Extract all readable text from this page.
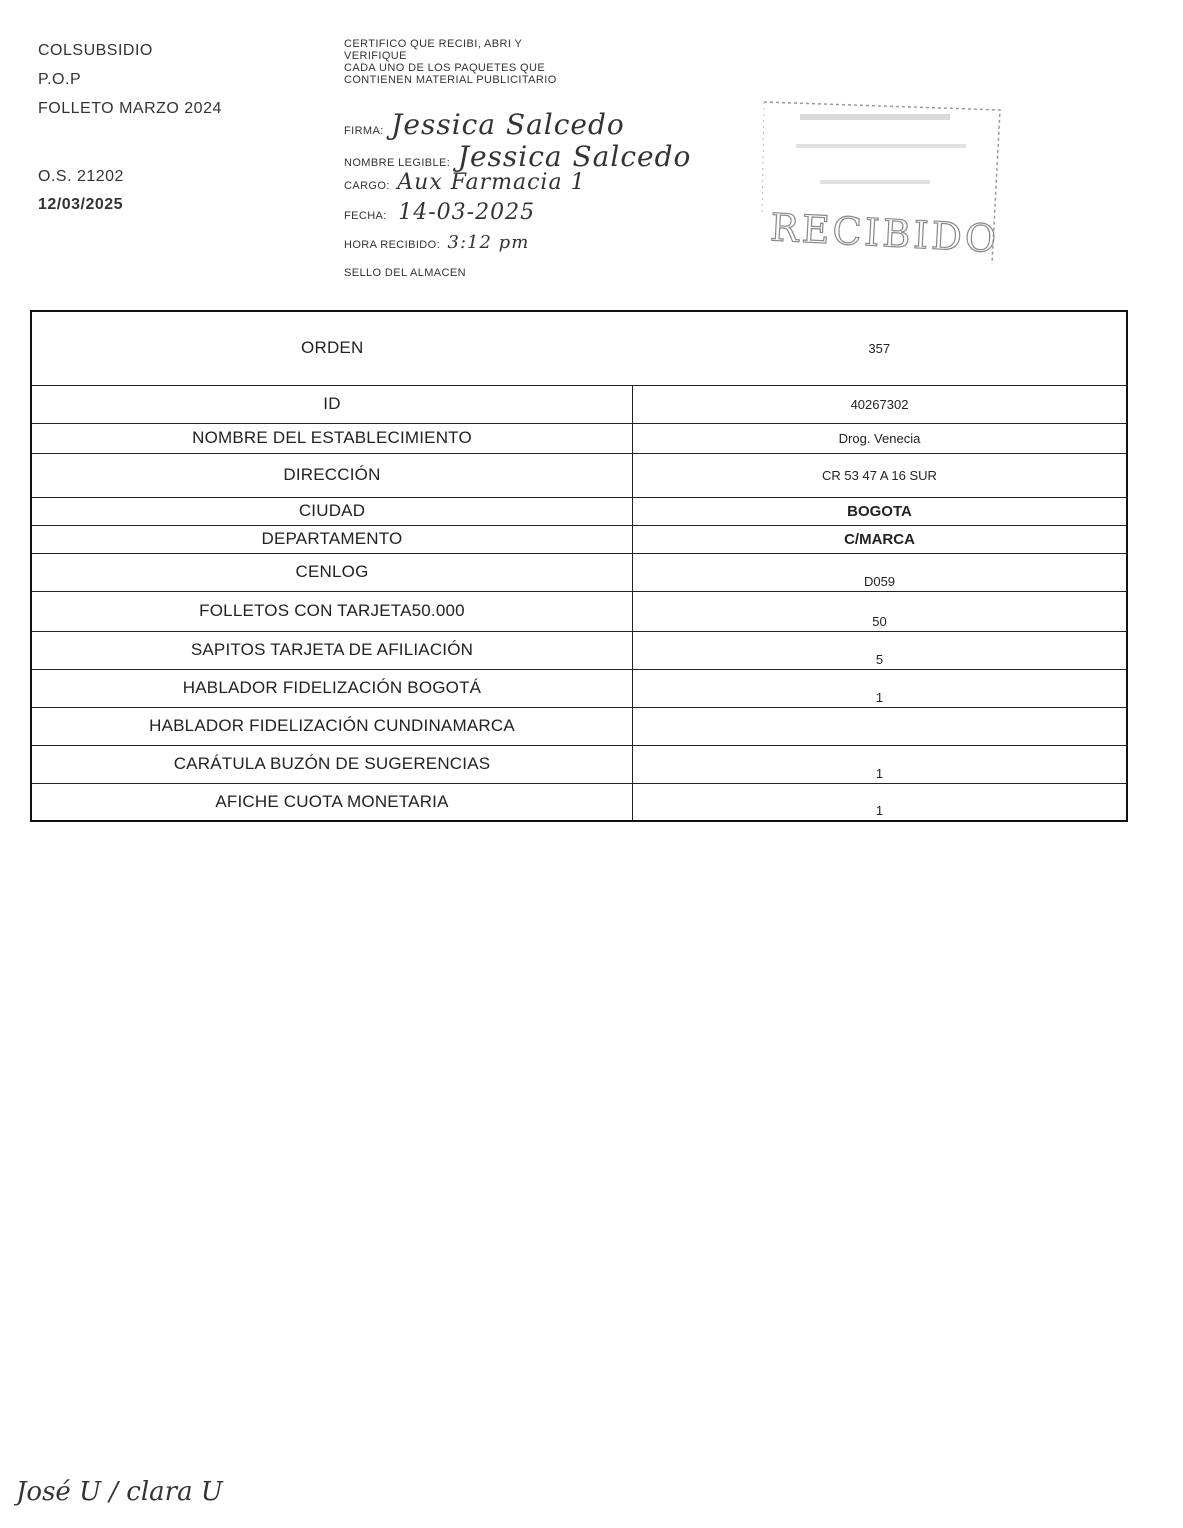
COLSUBSIDIO
P.O.P
FOLLETO MARZO 2024
O.S. 21202
12/03/2025
CERTIFICO QUE RECIBI, ABRI Y
VERIFIQUE
CADA UNO DE LOS PAQUETES QUE
CONTIENEN MATERIAL PUBLICITARIO
FIRMA: Jessica Salcedo
NOMBRE LEGIBLE: Jessica Salcedo
CARGO: Aux Farmacia 1
FECHA: 14-03-2025
HORA RECIBIDO: 3:12 pm
SELLO DEL ALMACEN
RECIBIDO
ORDEN	357
ID	40267302
NOMBRE DEL ESTABLECIMIENTO	Drog. Venecia
DIRECCIÓN	CR 53 47 A 16 SUR
CIUDAD	BOGOTA
DEPARTAMENTO	C/MARCA
CENLOG	D059
FOLLETOS CON TARJETA50.000	50
SAPITOS TARJETA DE AFILIACIÓN	5
HABLADOR FIDELIZACIÓN BOGOTÁ	1
HABLADOR FIDELIZACIÓN CUNDINAMARCA	
CARÁTULA BUZÓN DE SUGERENCIAS	1
AFICHE CUOTA MONETARIA	1
José U / clara U
